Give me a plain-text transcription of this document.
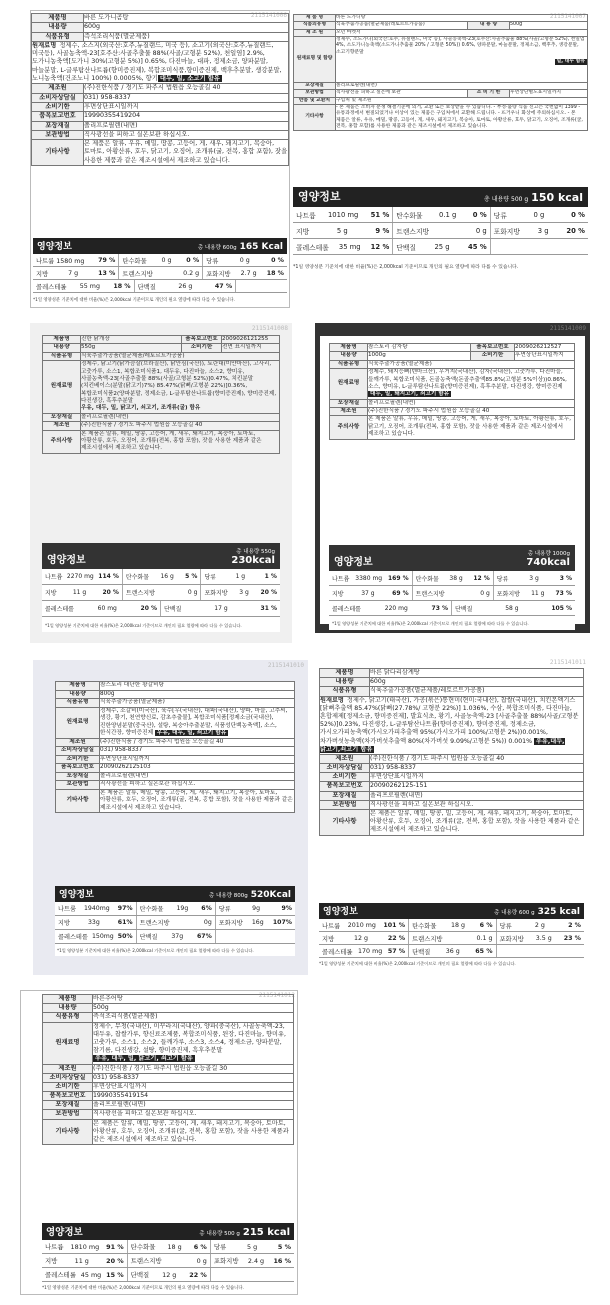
2115141006
제품명	바른 도가니곰탕
내용량	600g
식품유형	즉석조리식품(멸균제품)
원재료명 정제수, 소스지(외국산:호주,뉴질랜드, 미국 등), 소고기(외국산:호주,뉴질랜드,미국등), 사골농축액-23[호주산:사골추출물 88%(사골/고형분 52%), 천일염] 2.9%, 도가니농축액[도가니 30%(고형분 5%)] 0.65%, 다진마늘, 대파, 정제소금, 양파분말, 마늘분말, L-글루탐산나트륨(향미증진제), 복합조미식품,향미증진제, 백후추분말, 생강분말, 노니농축액(건조노니 100%) 0.0005%, 향기 대두, 밀, 소고기 함유	
제조원	(주)진한식품 / 경기도 파주시 법원읍 오능골길 40
소비자상담실	031) 958-8337
소비기한	후면상단표시일까지
품목보고번호	19990355419204
포장재질	폴리프로필렌(내면)
보관방법	직사광선을 피하고 실온보관 하십시오.
기타사항	본 제품은 알류, 우유, 메밀, 땅콩, 고등어, 게, 새우, 돼지고기, 복숭아, 토마토, 아황산류, 호두, 닭고기, 오징어, 조개류(굴, 전복, 홍합 포함), 잣을 사용한 제품과 같은 제조시설에서 제조하고 있습니다.
영양정보	총 내용량 600g 165 Kcal
나트륨 1580 mg 79 % 탄수화물 0 g 0 % 당류	0 g	0 %
지방	7 g	13 % 트랜스지방	0.2 g 포화지방 2.7 g 18 %
콜레스테롤 55 mg 18 % 단백질	26 g	47 %
*1일 영양성분 기준치에 대한 비율(%)은 2,000kcal 기준이므로 개인의 필요 열량에 따라 다를 수 있습니다.
2115141007
제 품 명	바른 도가니탕		
식품의유형	식육추출가공품(멸균제품/레토르트가공품)	내 용 량	500g
제 조 원	모던 마켓서		
원재료명 및 함량	정제수, 소도가니(외국산:호주, 뉴질랜드, 미국 등), 사골농축액-23(호주산:사골추출물 88%(사골/고형분 52%), 천일염 4%, 소도가니농축액(소도가니추출물 20% / 고형분 50%)) 0.6%, 양파분말, 마늘분말, 정제소금, 백후추, 생강분말, 소고기향분말

밀, 대두 함유		

포장재질	폴리프로필렌(내면)		
보관방법	직사광선을 피하고 실온에 보관	소 비 기 한	후면상단별도표시일까지
반품 및 교환처	구입처 및 제조원		
기타사항	- 본 제품은 소비자 분쟁 해결기준에 의거, 교환 또는 보상받을 수 있습니다. - 부정·불량 식품 신고는 국번없이 1399 - 유통과정에서 변질되었거나 이상이 있는 제품은 구입처에서 교환해 드립니다. - 뜨거우니 화상에 주의하십시오. - 본 제품은 알류, 우유, 메밀, 땅콩, 고등어, 게, 새우, 돼지고기, 복숭아, 토마토, 아황산류, 호두, 닭고기, 오징어, 조개류(굴, 전복, 홍합 포함)를 사용한 제품과 같은 제조시설에서 제조하고 있습니다.		
영양정보	총 내용량 500 g 150 kcal
나트륨 1010 mg 51 % 탄수화물 0.1 g 0 % 당류	0 g	0 %
지방	5 g	9 % 트랜스지방	0 g 포화지방	3 g	20 %
콜레스테롤 35 mg 12 % 단백질	25 g	45 %
*1일 영양성분 기준치에 대한 비율(%)은 2,000kcal 기준이므로 개인의 필요 열량에 따라 다를 수 있습니다.
2115141008
제품명	진한 닭개장	품목보고번호	2009026121255
내용량	550g	소비기한	전면 표시일까지
식품유형	식육추출가공품(멸균제품/레토르트가공품)		
원재료명	정제수, 닭고기(닭가슴살(브라질산), 닭안심(국산)), 토란대(미얀마산), 고사리, 고춧가루, 소스1, 복합조미식품1, 대두유, 다진마늘, 소스2, 향미유, 사골농축액-23[사골추출물 88%(사골/고형분 52%)]0.47%, 치킨분말(치킨베이스(분말(닭고기)7%) 85.47%(닭뼈/고형분 22%)]0.36%, 복합조미식품2(양파분말, 정제소금, L-글루탐산나트륨(향미증진제), 향미증진제, 다진생강, 흑후추분말
우유, 대두, 밀, 닭고기, 쇠고기, 조개류(굴) 함유		
포장재질	폴리프로필렌(내면)		
제조원	(주)진한식품 / 경기도 파주시 법원읍 오능골길 40		
주의사항	본 제품은 알류, 메밀, 땅콩, 고등어, 게, 새우, 돼지고기, 복숭아, 토마토, 아황산류, 호두, 오징어, 조개류(전복, 홍합 포함), 잣을 사용한 제품과 같은 제조시설에서 제조하고 있습니다.		
영양정보
총 내용량 550g
230kcal
나트륨 2270 mg 114 % 탄수화물 16 g 5 % 당류	1 g	1 %
지방	11 g	20 % 트랜스지방	0 g 포화지방 3 g 20 %
콜레스테롤	60 mg	20 % 단백질	17 g	31 %
*1일 영양성분 기준치에 대한 비율(%)은 2,000kcal 기준이므로 개인의 필요 열량에 따라 다를 수 있습니다.
2115141009
제품명	참스토리 감자탕	품목보고번호	2009026212527
내용량	1000g	소비기한	후면상단표시일까지
식품유형	식육추출가공품(멸균제품)		
원재료명	정제수, 돼지등뼈(덴마크산), 우거지(국내산), 감자(국내산), 고춧가루, 다진마늘, 들깨가루, 복합조미식품, 돈골농축액(돈골추출액85.8%(고형분 5%이상))0.86%, 소스, 향미유, L-글루탐산나트륨(향미증진제), 흑후추분말, 다진생강, 향미증진제
대두, 밀, 돼지고기, 쇠고기 함유		
포장재질	폴리프로필렌(내면)		
제조원	(주)진한식품 / 경기도 파주시 법원읍 오능골길 40		
주의사항	본 제품은 알류, 우유, 메밀, 땅콩, 고등어, 게, 새우, 복숭아, 토마토, 아황산류, 호두, 닭고기, 오징어, 조개류(전복, 홍합 포함), 잣을 사용한 제품과 같은 제조시설에서 제조하고 있습니다.		
영양정보
총 내용량 1000g
740kcal
나트륨 3380 mg 169 % 탄수화물 38 g 12 % 당류	3 g	3 %
지방	37 g	69 % 트랜스지방	0 g 포화지방 11 g 73 %
콜레스테롤	220 mg	73 % 단백질	58 g	105 %
*1일 영양성분 기준치에 대한 비율(%)은 2,000kcal 기준이므로 개인의 필요 열량에 따라 다를 수 있습니다.
2115141010
제품명	참스토리 대단한 왕갈비탕
내용량	800g
식품유형	식육추출가공품(멸균제품)
원재료명	정제수, 소갈비(미국산), 육수[우(국내산), 대파(국내산), 양파, 마늘, 고추씨, 생강, 황기, 천연향신료, 감초추출물], 복합조미식품[정제소금(국내산), 진한양념분말(중국산), 설탕, 복숭아추출분말, 식품성단백농축액], 소스, 한식간장, 향미증진제 우유, 대두, 밀, 쇠고기 함유
제조원	(주)진한식품 / 경기도 파주시 법원읍 오능골길 40
소비자상담실	031) 958-8337
소비기한	후면상단표시일까지
품목보고번호	20090262125103
포장재질	폴리프로필렌(내면)
보관방법	직사광선을 피하고 실온보관 하십시오.
기타사항	본 제품은 알류, 메밀, 땅콩, 고등어, 게, 새우, 돼지고기, 복숭아, 토마토, 아황산류, 호두, 오징어, 조개류(굴, 전복, 홍합 포함), 잣을 사용한 제품과 같은 제조시설에서 제조하고 있습니다.
영양정보	총 내용량 800g 520Kcal
나트륨 1940mg 97% 탄수화물 19g 6% 당류	9g	9%
지방	33g	61% 트랜스지방	0g 포화지방 16g 107%
콜레스테롤 150mg 50% 단백질 37g 67%
*1일 영양성분 기준치에 대한 비율(%)은 2,000kcal 기준이므로 개인의 필요 열량에 따라 다를 수 있습니다.
2115141011
제품명	바른 닭다리삼계탕
내용량	600g
식품유형	식육추출가공품(멸균제품/레토르트가공품)
원재료명 정제수, 닭고기(태국산), 가공(볶은)통현미(현미:국내산), 찹쌀(국내산), 치킨본액기스[닭뼈추출액 85.47%(닭뼈(27.78%/ 고형분 22%)] 1.036%, 수삼, 복합조미식품, 다진마늘, 혼합제제[정제소금, 향미증진제], 발효식초, 황기, 사골농축액-23 [사골추출물 88%(사골/고형분 52%)]0.23%, 다진생강, L-글루탐산나트륨(향미증진제), 향미증진제, 정제소금, 가시오가피농축액(가시오가피추출액 95%(가시오가피 100%/고형분 2%))0.001%, 차가버섯농축액(차가버섯추출액 80%(차가버섯 9.09%/고형분 5%)) 0.001% 우유,대두,닭고기,쇠고기 함유	
제조원	(주)진한식품 / 경기도 파주시 법원읍 오능골길 40
소비자상담실	031) 958-8337
소비기한	후면상단표시일까지
품목보고번호	20090262125-151
포장재질	폴리프로필렌(내면)
보관방법	직사광선을 피하고 실온보관 하십시오.
기타사항	본 제품은 알류, 메밀, 땅콩, 밀, 고등어, 게, 새우, 돼지고기, 복숭아, 토마토, 아황산류, 호두, 오징어, 조개류(굴, 전복, 홍합 포함), 잣을 사용한 제품과 같은 제조시설에서 제조하고 있습니다.
영양정보	총 내용량 600 g 325 kcal
나트륨 2010 mg 101 % 탄수화물 18 g 6 % 당류	2 g	2 %
지방	12 g	22 % 트랜스지방	0.1 g 포화지방 3.5 g 23 %
콜레스테롤 170 mg 57 % 단백질 36 g 65 %
*1일 영양성분 기준치에 대한 비율(%)은 2,000kcal 기준이므로 개인의 필요 열량에 따라 다를 수 있습니다.
2115141012
제품명	바른추어탕
내용량	500g
식품유형	즉석조리식품(멸균제품)
원재료명	정제수, 무청(국내산), 미꾸라지(국내산), 양파(중국산), 사골농축액-23, 대두유, 찹쌀가루, 향신료조제품, 복합조미식품, 된장, 다진마늘, 향미유, 고춧가루, 소스1, 소스2, 들깨가루, 소스3, 소스4, 정제소금, 양파분말, 참기름, 다진생강, 설탕, 향미증진제, 흑후추분말
우유, 대두, 밀, 닭고기, 쇠고기 함유
제조원	(주)진한식품 / 경기도 파주시 법원읍 오능골길 30
소비자상담실	031) 958-8337
소비기한	후면상단표시일까지
품목보고번호	19990355419154
포장재질	폴리프로필렌(내면)
보관방법	직사광선을 피하고 실온보관 하십시오.
기타사항	본 제품은 알류, 메밀, 땅콩, 고등어, 게, 새우, 돼지고기, 복숭아, 토마토, 아황산류, 호두, 오징어, 조개류(굴, 전복, 홍합 포함), 잣을 사용한 제품과 같은 제조시설에서 제조하고 있습니다.
영양정보	총 내용량 500 g 215 kcal
나트륨 1810 mg 91 % 탄수화물 18 g 6 % 당류	5 g	5 %
지방	11 g	20 % 트랜스지방	0 g 포화지방 2.4 g 16 %
콜레스테롤 45 mg 15 % 단백질 12 g 22 %
*1일 영양성분 기준치에 대한 비율(%)은 2,000kcal 기준이므로 개인의 필요 열량에 따라 다를 수 있습니다.
